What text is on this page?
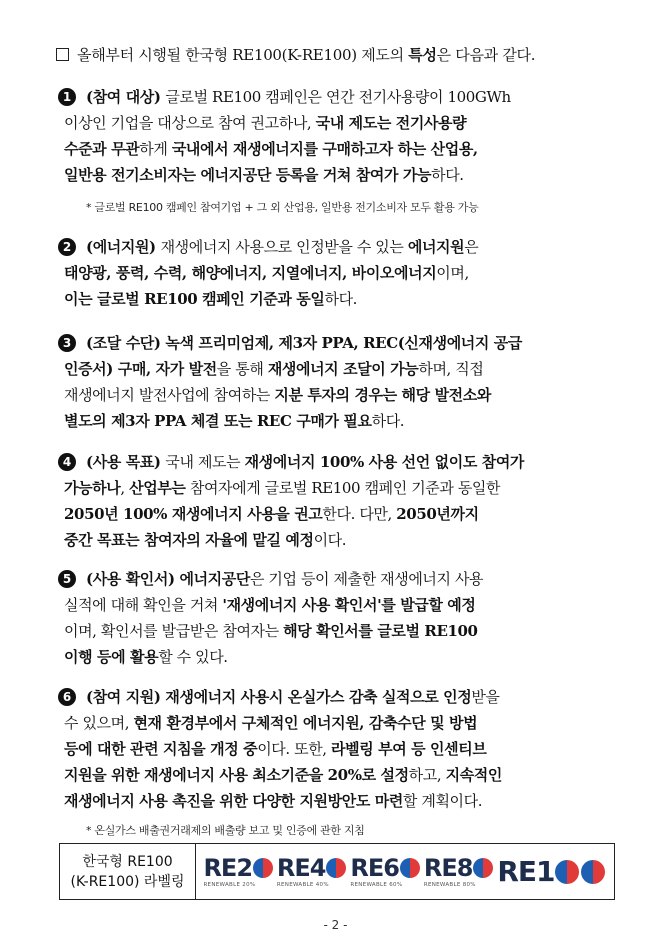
올해부터 시행될 한국형 RE100(K-RE100) 제도의 특성은 다음과 같다.
1 (참여 대상) 글로벌 RE100 캠페인은 연간 전기사용량이 100GWh
이상인 기업을 대상으로 참여 권고하나, 국내 제도는 전기사용량
수준과 무관하게 국내에서 재생에너지를 구매하고자 하는 산업용,
일반용 전기소비자는 에너지공단 등록을 거쳐 참여가 가능하다.
* 글로벌 RE100 캠페인 참여기업 + 그 외 산업용, 일반용 전기소비자 모두 활용 가능
2 (에너지원) 재생에너지 사용으로 인정받을 수 있는 에너지원은
태양광, 풍력, 수력, 해양에너지, 지열에너지, 바이오에너지이며,
이는 글로벌 RE100 캠페인 기준과 동일하다.
3 (조달 수단) 녹색 프리미엄제, 제3자 PPA, REC(신재생에너지 공급
인증서) 구매, 자가 발전을 통해 재생에너지 조달이 가능하며, 직접
재생에너지 발전사업에 참여하는 지분 투자의 경우는 해당 발전소와
별도의 제3자 PPA 체결 또는 REC 구매가 필요하다.
4 (사용 목표) 국내 제도는 재생에너지 100% 사용 선언 없이도 참여가
가능하나, 산업부는 참여자에게 글로벌 RE100 캠페인 기준과 동일한
2050년 100% 재생에너지 사용을 권고한다. 다만, 2050년까지
중간 목표는 참여자의 자율에 맡길 예정이다.
5 (사용 확인서) 에너지공단은 기업 등이 제출한 재생에너지 사용
실적에 대해 확인을 거쳐 '재생에너지 사용 확인서'를 발급할 예정
이며, 확인서를 발급받은 참여자는 해당 확인서를 글로벌 RE100
이행 등에 활용할 수 있다.
6 (참여 지원) 재생에너지 사용시 온실가스 감축 실적으로 인정받을
수 있으며, 현재 환경부에서 구체적인 에너지원, 감축수단 및 방법
등에 대한 관련 지침을 개정 중이다. 또한, 라벨링 부여 등 인센티브
지원을 위한 재생에너지 사용 최소기준을 20%로 설정하고, 지속적인
재생에너지 사용 촉진을 위한 다양한 지원방안도 마련할 계획이다.
* 온실가스 배출권거래제의 배출량 보고 및 인증에 관한 지침
한국형 RE100
(K-RE100) 라벨링 RE 2
RENEWABLE 20%
RE 4
RENEWABLE 40%
RE 6
RENEWABLE 60%
RE 8
RENEWABLE 80% RE 1
- 2 -
